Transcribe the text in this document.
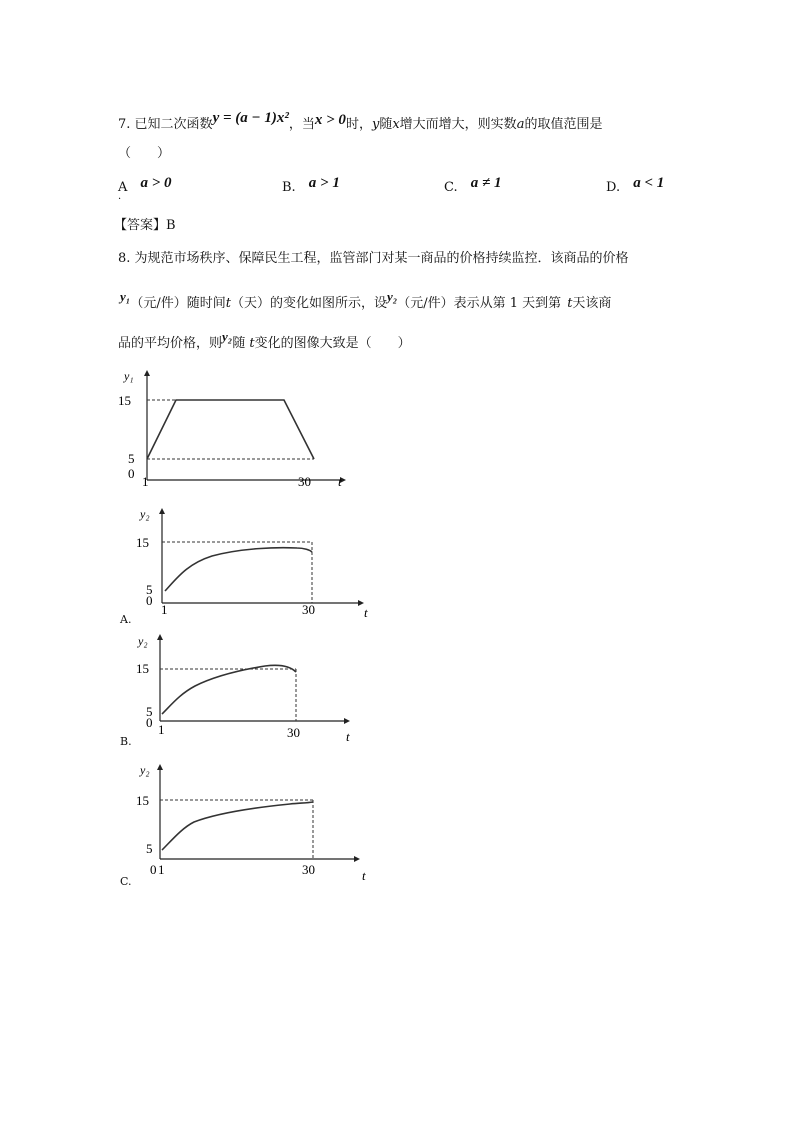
7. 已知二次函数y = (a − 1)x²，当x > 0时，y随x增大而增大，则实数a的取值范围是
（　　）
A a > 0
·
B. a > 1	C. a ≠ 1	D. a < 1
【答案】B
8. 为规范市场秩序、保障民生工程，监管部门对某一商品的价格持续监控．该商品的价格
y₁（元/件）随时间t（天）的变化如图所示，设y₂（元/件）表示从第 1 天到第 t天该商
品的平均价格，则y₂随 t变化的图像大致是（　　）
y₁
15
5
0
1	30 t
y₂
15
5
0
1	30	t
A.
y₂
15
5
0 1	30	t
B.
y₂
15
5
0 1	30	t
C.
